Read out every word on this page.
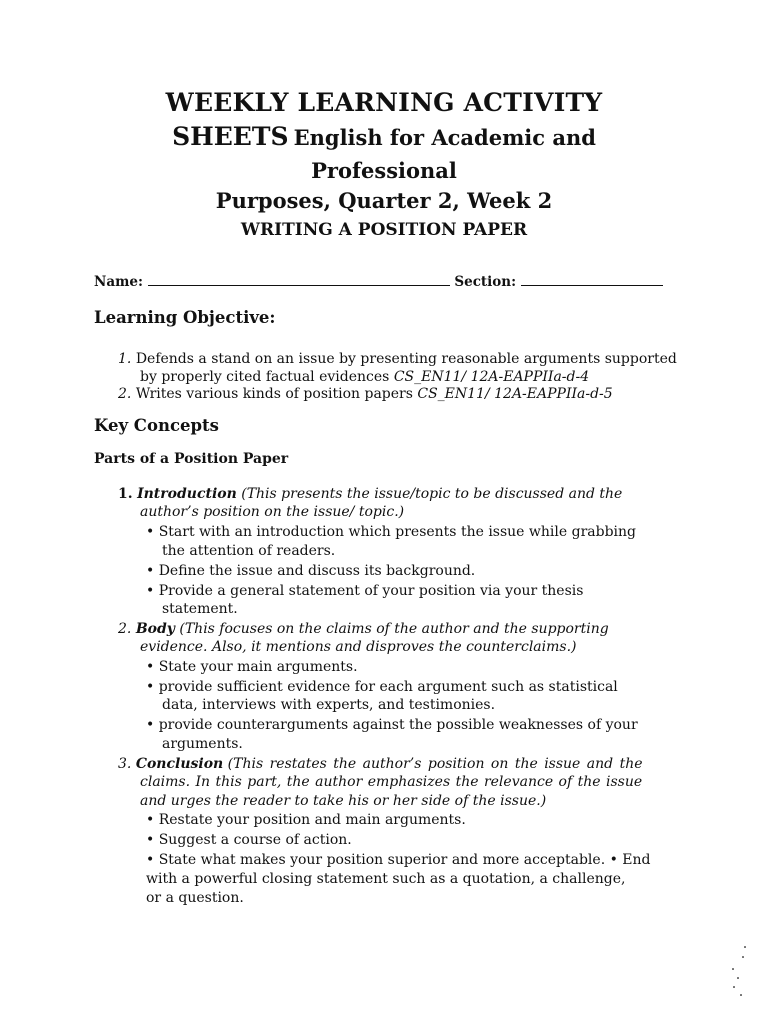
WEEKLY LEARNING ACTIVITY
SHEETS English for Academic and
Professional
Purposes, Quarter 2, Week 2
WRITING A POSITION PAPER
Name:	Section:
Learning Objective:
1. Defends a stand on an issue by presenting reasonable arguments supported
by properly cited factual evidences CS_EN11/ 12A-EAPPIIa-d-4
2. Writes various kinds of position papers CS_EN11/ 12A-EAPPIIa-d-5
Key Concepts
Parts of a Position Paper
1. Introduction (This presents the issue/topic to be discussed and the
author’s position on the issue/ topic.)
• Start with an introduction which presents the issue while grabbing
the attention of readers.
• Define the issue and discuss its background.
• Provide a general statement of your position via your thesis
statement.
2. Body (This focuses on the claims of the author and the supporting
evidence. Also, it mentions and disproves the counterclaims.)
• State your main arguments.
• provide sufficient evidence for each argument such as statistical
data, interviews with experts, and testimonies.
• provide counterarguments against the possible weaknesses of your
arguments.
3. Conclusion (This restates the author’s position on the issue and the
claims. In this part, the author emphasizes the relevance of the issue
and urges the reader to take his or her side of the issue.)
• Restate your position and main arguments.
• Suggest a course of action.
• State what makes your position superior and more acceptable. • End
with a powerful closing statement such as a quotation, a challenge,
or a question.
